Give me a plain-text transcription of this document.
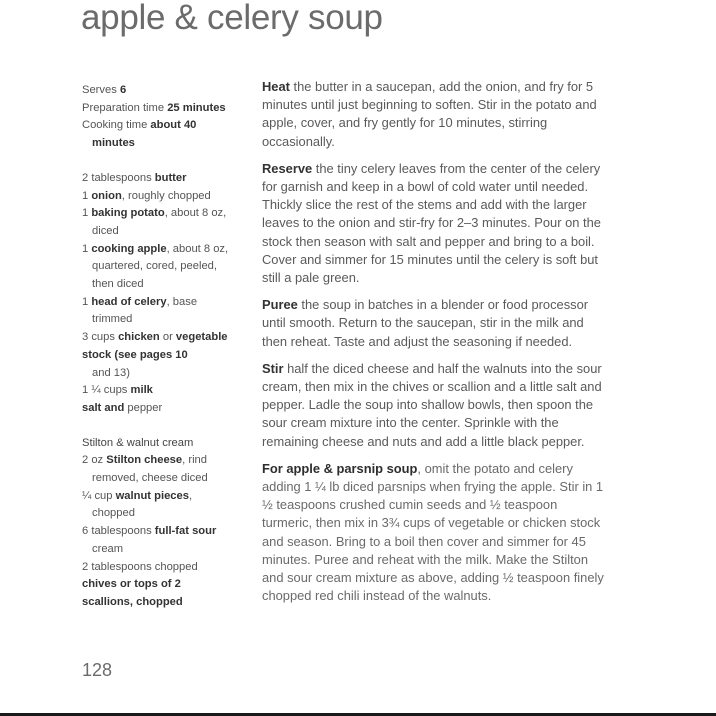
apple & celery soup
Serves 6
Preparation time 25 minutes
Cooking time about 40
minutes
2 tablespoons butter
1 onion, roughly chopped
1 baking potato, about 8 oz,
diced
1 cooking apple, about 8 oz,
quartered, cored, peeled,
then diced
1 head of celery, base
trimmed
3 cups chicken or vegetable
stock (see pages 10
and 13)
1 ¼ cups milk
salt and pepper
Stilton & walnut cream
2 oz Stilton cheese, rind
removed, cheese diced
¼ cup walnut pieces,
chopped
6 tablespoons full-fat sour
cream
2 tablespoons chopped
chives or tops of 2
scallions, chopped

Heat the butter in a saucepan, add the onion, and fry for 5 minutes until just beginning to soften. Stir in the potato and apple, cover, and fry gently for 10 minutes, stirring occasionally.

Reserve the tiny celery leaves from the center of the celery for garnish and keep in a bowl of cold water until needed. Thickly slice the rest of the stems and add with the larger leaves to the onion and stir-fry for 2–3 minutes. Pour on the stock then season with salt and pepper and bring to a boil. Cover and simmer for 15 minutes until the celery is soft but still a pale green.

Puree the soup in batches in a blender or food processor until smooth. Return to the saucepan, stir in the milk and then reheat. Taste and adjust the seasoning if needed.

Stir half the diced cheese and half the walnuts into the sour cream, then mix in the chives or scallion and a little salt and pepper. Ladle the soup into shallow bowls, then spoon the sour cream mixture into the center. Sprinkle with the remaining cheese and nuts and add a little black pepper.

For apple & parsnip soup, omit the potato and celery adding 1 ¼ lb diced parsnips when frying the apple. Stir in 1 ½ teaspoons crushed cumin seeds and ½ teaspoon turmeric, then mix in 3¾ cups of vegetable or chicken stock and season. Bring to a boil then cover and simmer for 45 minutes. Puree and reheat with the milk. Make the Stilton and sour cream mixture as above, adding ½ teaspoon finely chopped red chili instead of the walnuts.

128
